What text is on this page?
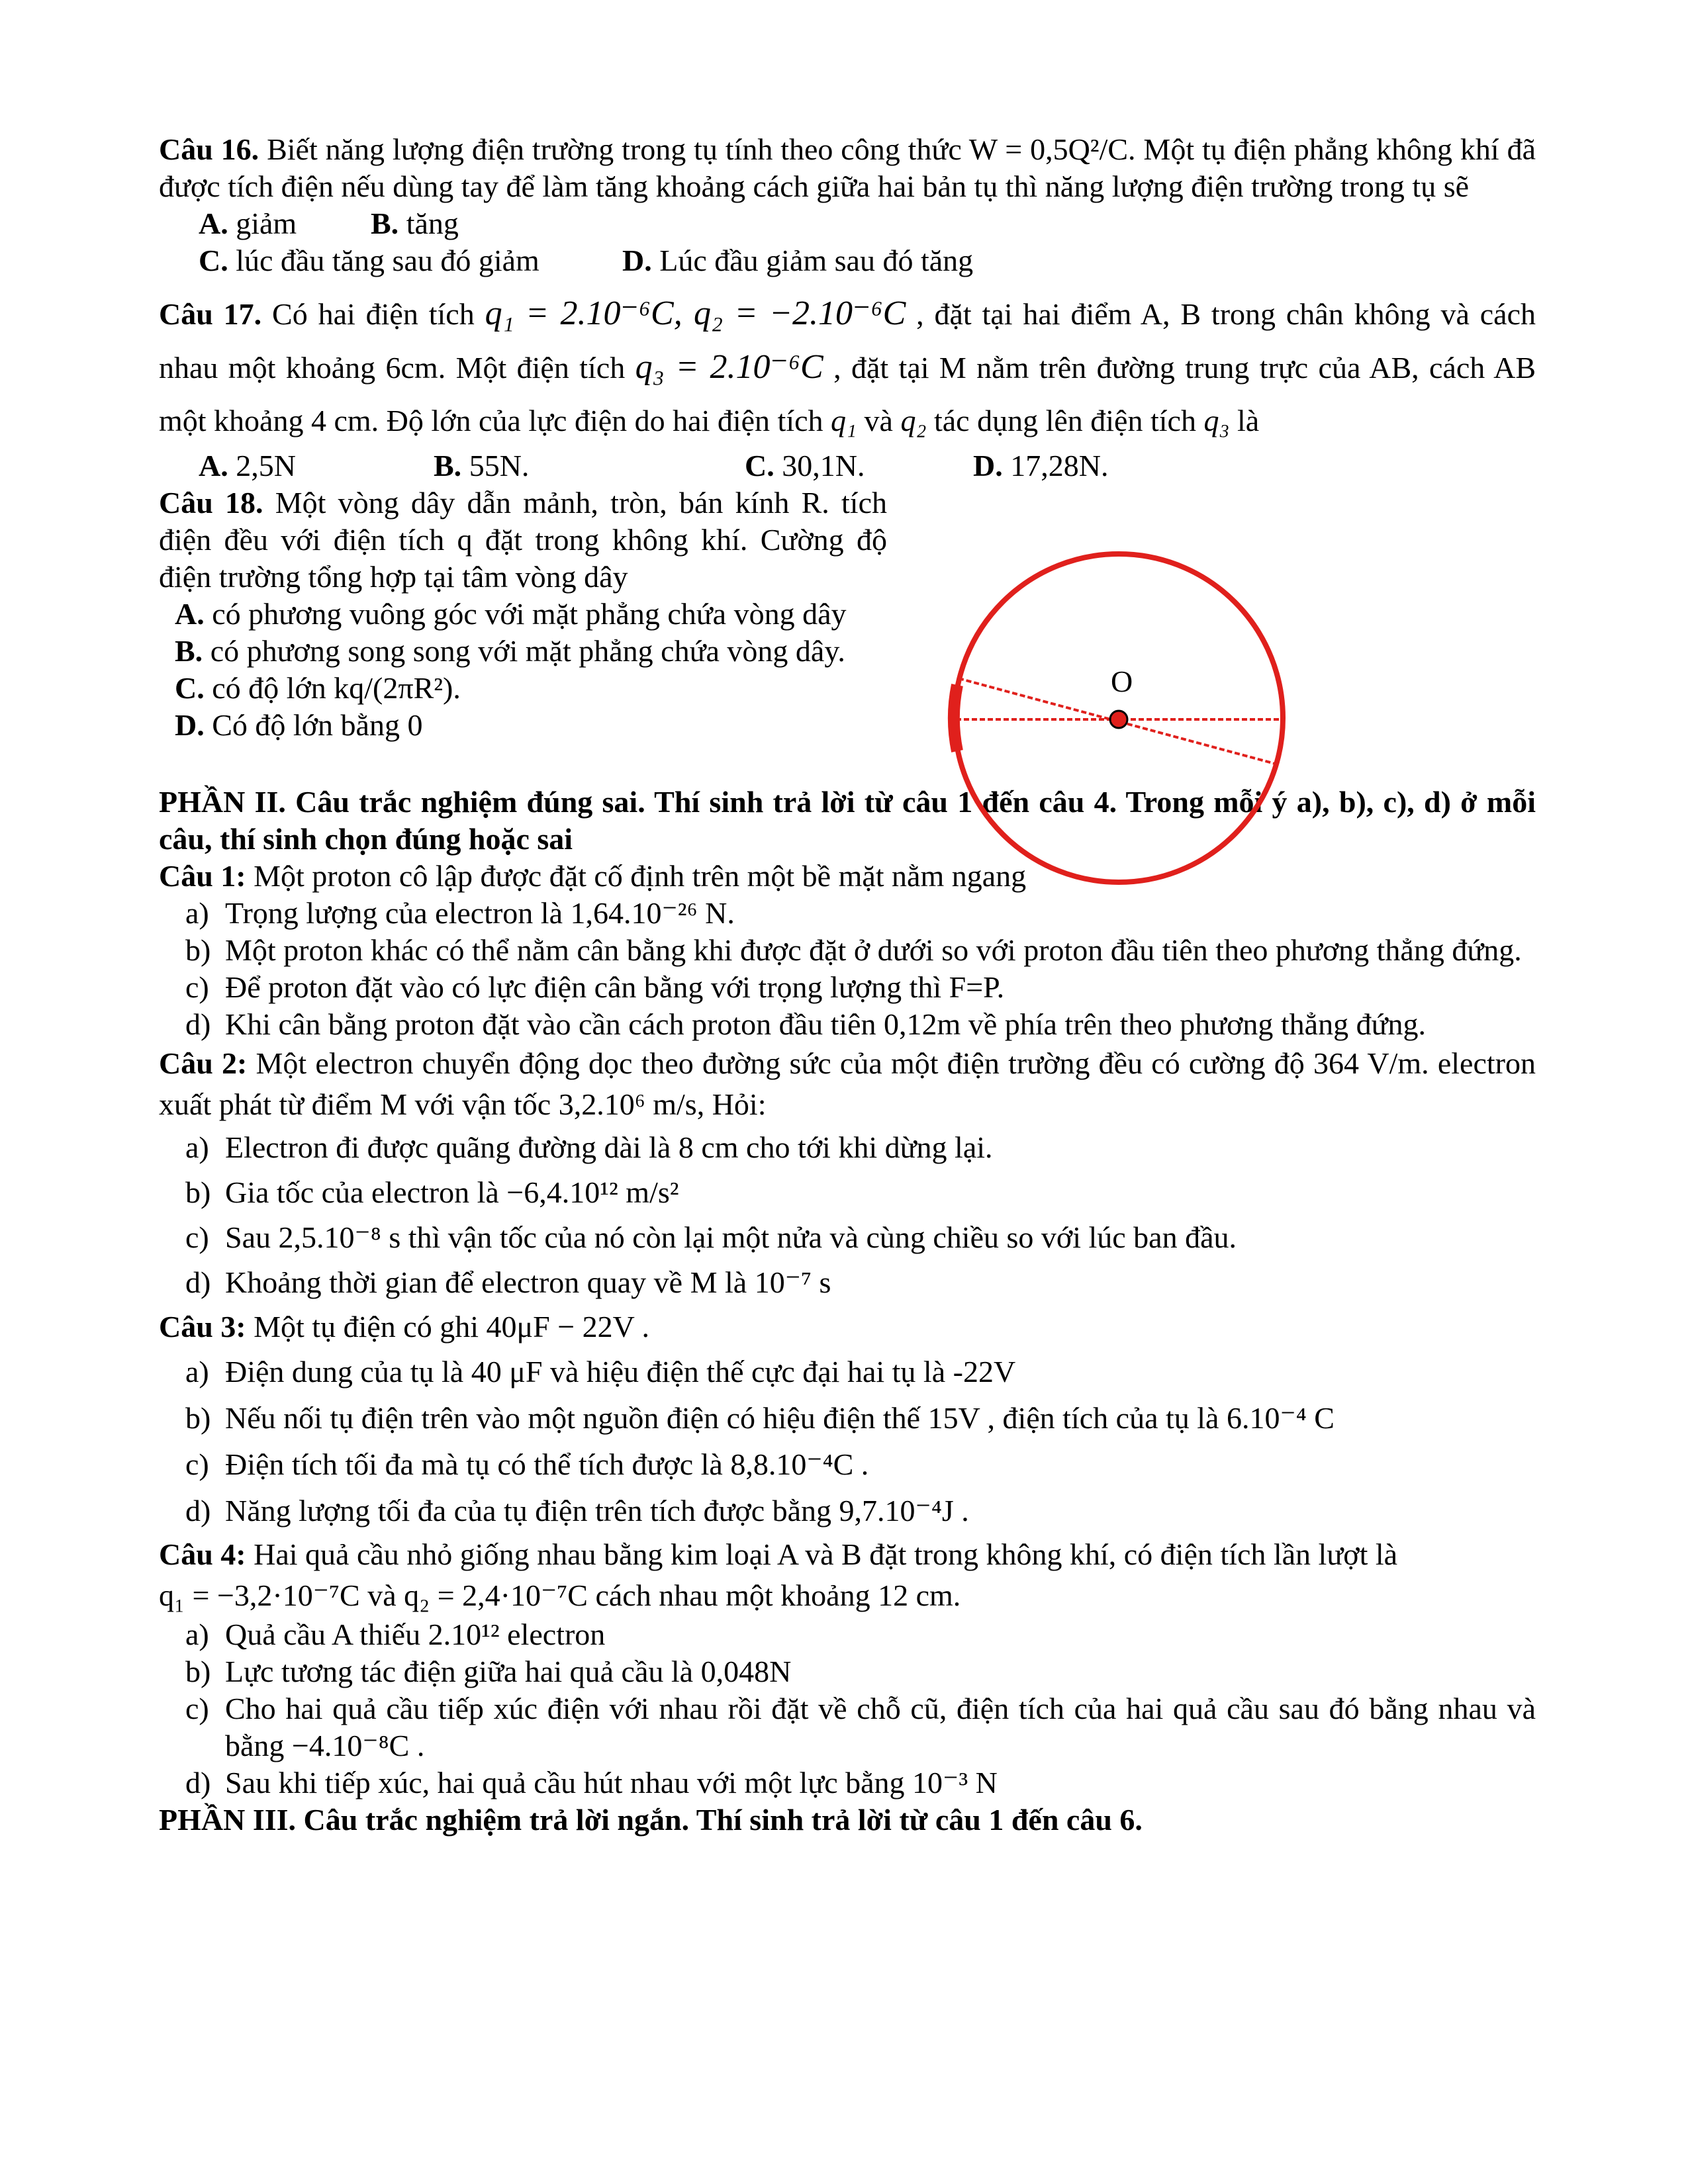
Câu 16. Biết năng lượng điện trường trong tụ tính theo công thức W = 0,5Q²/C. Một tụ điện phẳng không khí đã được tích điện nếu dùng tay để làm tăng khoảng cách giữa hai bản tụ thì năng lượng điện trường trong tụ sẽ
A. giảm	B. tăng
C. lúc đầu tăng sau đó giảm	D. Lúc đầu giảm sau đó tăng
Câu 17. Có hai điện tích q₁ = 2.10⁻⁶C, q₂ = −2.10⁻⁶C , đặt tại hai điểm A, B trong chân không và cách
nhau một khoảng 6cm. Một điện tích q₃ = 2.10⁻⁶C , đặt tại M nằm trên đường trung trực của AB, cách AB
một khoảng 4 cm. Độ lớn của lực điện do hai điện tích q₁ và q₂ tác dụng lên điện tích q₃ là
A. 2,5N	B. 55N.	C. 30,1N.	D. 17,28N.
Câu 18. Một vòng dây dẫn mảnh, tròn, bán kính R. tích điện đều với điện tích q đặt trong không khí. Cường độ điện trường tổng hợp tại tâm vòng dây
A. có phương vuông góc với mặt phẳng chứa vòng dây
B. có phương song song với mặt phẳng chứa vòng dây.
C. có độ lớn kq/(2πR²).
D. Có độ lớn bằng 0
PHẦN II. Câu trắc nghiệm đúng sai. Thí sinh trả lời từ câu 1 đến câu 4. Trong mỗi ý a), b), c), d) ở mỗi câu, thí sinh chọn đúng hoặc sai
Câu 1: Một proton cô lập được đặt cố định trên một bề mặt nằm ngang
a) Trọng lượng của electron là 1,64.10⁻²⁶ N.
b) Một proton khác có thể nằm cân bằng khi được đặt ở dưới so với proton đầu tiên theo phương thẳng đứng.
c) Để proton đặt vào có lực điện cân bằng với trọng lượng thì F=P.
d) Khi cân bằng proton đặt vào cần cách proton đầu tiên 0,12m về phía trên theo phương thẳng đứng.
Câu 2: Một electron chuyển động dọc theo đường sức của một điện trường đều có cường độ 364 V/m. electron xuất phát từ điểm M với vận tốc 3,2.10⁶ m/s, Hỏi:
a) Electron đi được quãng đường dài là 8 cm cho tới khi dừng lại.
b) Gia tốc của electron là −6,4.10¹² m/s²
c) Sau 2,5.10⁻⁸ s thì vận tốc của nó còn lại một nửa và cùng chiều so với lúc ban đầu.
d) Khoảng thời gian để electron quay về M là 10⁻⁷ s
Câu 3: Một tụ điện có ghi 40μF − 22V .
a) Điện dung của tụ là 40 μF và hiệu điện thế cực đại hai tụ là -22V
b) Nếu nối tụ điện trên vào một nguồn điện có hiệu điện thế 15V , điện tích của tụ là 6.10⁻⁴ C
c) Điện tích tối đa mà tụ có thể tích được là 8,8.10⁻⁴C .
d) Năng lượng tối đa của tụ điện trên tích được bằng 9,7.10⁻⁴J .
Câu 4: Hai quả cầu nhỏ giống nhau bằng kim loại A và B đặt trong không khí, có điện tích lần lượt là
q₁ = −3,2·10⁻⁷C và q₂ = 2,4·10⁻⁷C cách nhau một khoảng 12 cm.
a) Quả cầu A thiếu 2.10¹² electron
b) Lực tương tác điện giữa hai quả cầu là 0,048N
c) Cho hai quả cầu tiếp xúc điện với nhau rồi đặt về chỗ cũ, điện tích của hai quả cầu sau đó bằng nhau và bằng −4.10⁻⁸C .
d) Sau khi tiếp xúc, hai quả cầu hút nhau với một lực bằng 10⁻³ N
PHẦN III. Câu trắc nghiệm trả lời ngắn. Thí sinh trả lời từ câu 1 đến câu 6.
O
